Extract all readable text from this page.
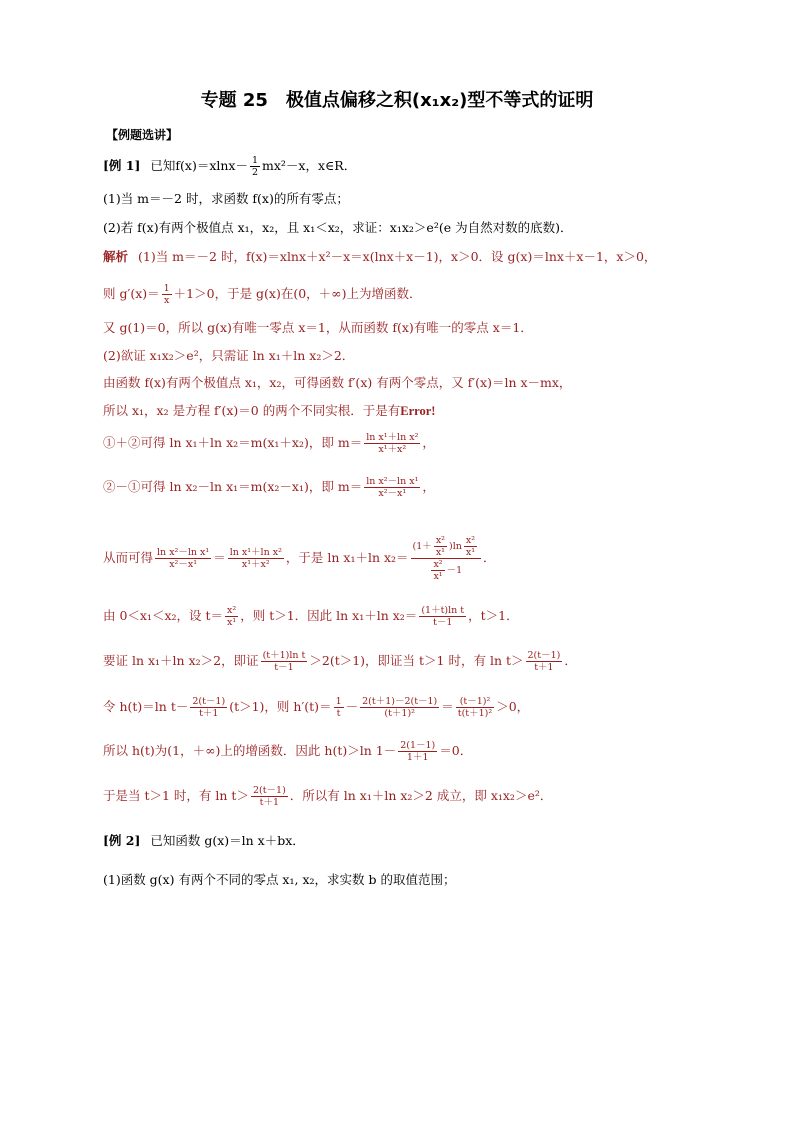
专题 25　极值点偏移之积(x₁x₂)型不等式的证明
【例题选讲】
[例 1] 已知$f(x)=xlnx- \frac{1}{2} mx^2-x$，x∈R．
(1)当 m＝－2 时，求函数 f(x)的所有零点；
(2)若 f(x)有两个极值点 x₁，x₂，且 x₁＜x₂，求证：x₁x₂＞e²(e 为自然对数的底数)．
解析 (1)当 m＝－2 时，f(x)＝xlnx＋x²－x＝x(lnx＋x－1)，x＞0．设 g(x)＝lnx＋x－1，x＞0，
则 $g'(x)= \frac{1}{x} +1>0$，于是 g(x)在(0，＋∞)上为增函数．
又 g(1)＝0，所以 g(x)有唯一零点 x＝1，从而函数 f(x)有唯一的零点 x＝1．
(2)欲证 x₁x₂＞e²，只需证 ln x₁＋ln x₂＞2．
由函数 f(x)有两个极值点 x₁，x₂，可得函数 f′(x) 有两个零点，又 f′(x)＝ln x－mx，
所以 x₁，x₂ 是方程 f′(x)＝0 的两个不同实根．于是有Error!
①＋②可得 ln x₁＋ln x₂＝m(x₁＋x₂)，即 $m= \frac{\text{ln x¹＋ln x²}}{\text{x¹＋x²}}$ ，
②－①可得 ln x₂－ln x₁＝m(x₂－x₁)，即 $m= \frac{\text{ln x²－ln x¹}}{\text{x²－x¹}}$ ，
从而可得 $\frac{\text{ln x²－ln x¹}}{\text{x²－x¹}} = \frac{\text{ln x¹＋ln x²}}{\text{x¹＋x²}}$ ，于是 ln x₁＋ln $x_2= \frac{(1+ \frac{\text{x²}}{\text{x¹}} )\ln \frac{\text{x²}}{\text{x¹}}}{\frac{\text{x²}}{\text{x¹}} -1}$ ．
由 0＜x₁＜x₂，设 $t= \frac{\text{x²}}{\text{x¹}}$ ，则 t＞1．因此 ln x₁＋ln $x_2= \frac{\text{(1＋t)ln t}}{t-1}$ ，t＞1．
要证 ln x₁＋ln x₂＞2，即证 $\frac{\text{(t＋1)ln t}}{t-1} >2(t>1)$，即证当 t＞1 时，有 $\ln t> \frac{2(t-1)}{t+1}$ ．
令 h(t)＝ln $t- \frac{2(t-1)}{t+1} (t>1)$，则 $h'(t)= \frac{1}{t} - \frac{2(t+1)-2(t-1)}{\text{(t＋1)²}} = \frac{\text{(t－1)²}}{\text{t(t＋1)²}} >0$，
所以 h(t)为(1，＋∞)上的增函数．因此 h(t)＞ln $1- \frac{2(1-1)}{1+1} =0$．
于是当 t＞1 时，有 $\ln t> \frac{2(t-1)}{t+1}$ ．所以有 ln x₁＋ln x₂＞2 成立，即 x₁x₂＞e²．
[例 2] 已知函数 g(x)＝ln x＋bx．
(1)函数 g(x) 有两个不同的零点 x₁, x₂，求实数 b 的取值范围；
